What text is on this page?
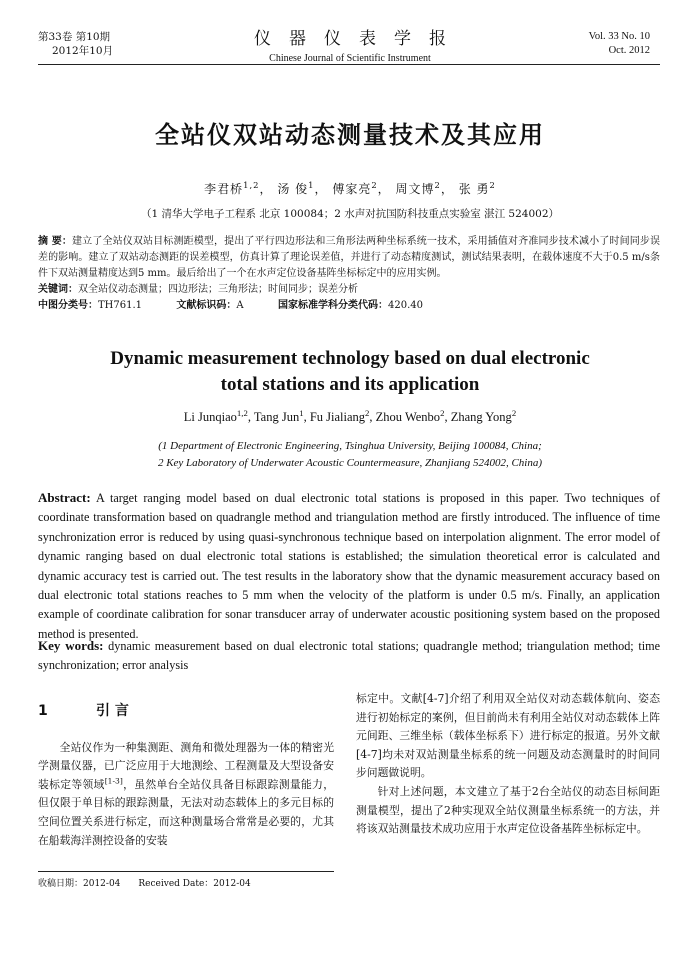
第33卷 第10期
2012年10月
仪器仪表学报
Chinese Journal of Scientific Instrument
Vol. 33 No. 10
Oct. 2012
全站仪双站动态测量技术及其应用
李君桥$^{1,2}$， 汤 俊$^1$， 傅家亮$^2$， 周文博$^2$， 张 勇$^2$
（1 清华大学电子工程系 北京 100084；2 水声对抗国防科技重点实验室 湛江 524002）

摘 要：建立了全站仪双站目标测距模型，提出了平行四边形法和三角形法两种坐标系统一技术，采用插值对齐准同步技术减小了时间同步误差的影响。建立了双站动态测距的误差模型，仿真计算了理论误差值，并进行了动态精度测试，测试结果表明，在载体速度不大于0.5 m/s条件下双站测量精度达到5 mm。最后给出了一个在水声定位设备基阵坐标标定中的应用实例。

关键词：双全站仪动态测量；四边形法；三角形法；时间同步；误差分析

中图分类号：TH761.1	文献标识码：A	国家标准学科分类代码：420.40

Dynamic measurement technology based on dual electronic
total stations and its application
Li Junqiao$^{1,2}$, Tang Jun$^1$, Fu Jialiang$^2$, Zhou Wenbo$^2$, Zhang Yong$^2$
(1 Department of Electronic Engineering, Tsinghua University, Beijing 100084, China;
2 Key Laboratory of Underwater Acoustic Countermeasure, Zhanjiang 524002, China)
Abstract: A target ranging model based on dual electronic total stations is proposed in this paper. Two techniques of coordinate transformation based on quadrangle method and triangulation method are firstly introduced. The influence of time synchronization error is reduced by using quasi-synchronous technique based on interpolation alignment. The error model of dynamic ranging based on dual electronic total stations is established; the simulation theoretical error is calculated and dynamic accuracy test is carried out. The test results in the laboratory show that the dynamic measurement accuracy based on dual electronic total stations reaches to 5 mm when the velocity of the platform is under 0.5 m/s. Finally, an application example of coordinate calibration for sonar transducer array of underwater acoustic positioning system based on the proposed method is presented.
Key words: dynamic measurement based on dual electronic total stations; quadrangle method; triangulation method; time synchronization; error analysis
1	引 言

全站仪作为一种集测距、测角和微处理器为一体的精密光学测量仪器，已广泛应用于大地测绘、工程测量及大型设备安装标定等领域[1-3]，虽然单台全站仪具备目标跟踪测量能力，但仅限于单目标的跟踪测量，无法对动态载体上的多元目标的空间位置关系进行标定，而这种测量场合常常是必要的，尤其在船载海洋测控设备的安装

标定中。文献[4-7]介绍了利用双全站仪对动态载体航向、姿态进行初始标定的案例，但目前尚未有利用全站仪对动态载体上阵元间距、三维坐标（载体坐标系下）进行标定的报道。另外文献[4-7]均未对双站测量坐标系的统一问题及动态测量时的时间同步问题做说明。

针对上述问题，本文建立了基于2台全站仪的动态目标间距测量模型，提出了2种实现双全站仪测量坐标系统一的方法，并将该双站测量技术成功应用于水声定位设备基阵坐标标定中。

收稿日期：2012-04　　Received Date：2012-04
